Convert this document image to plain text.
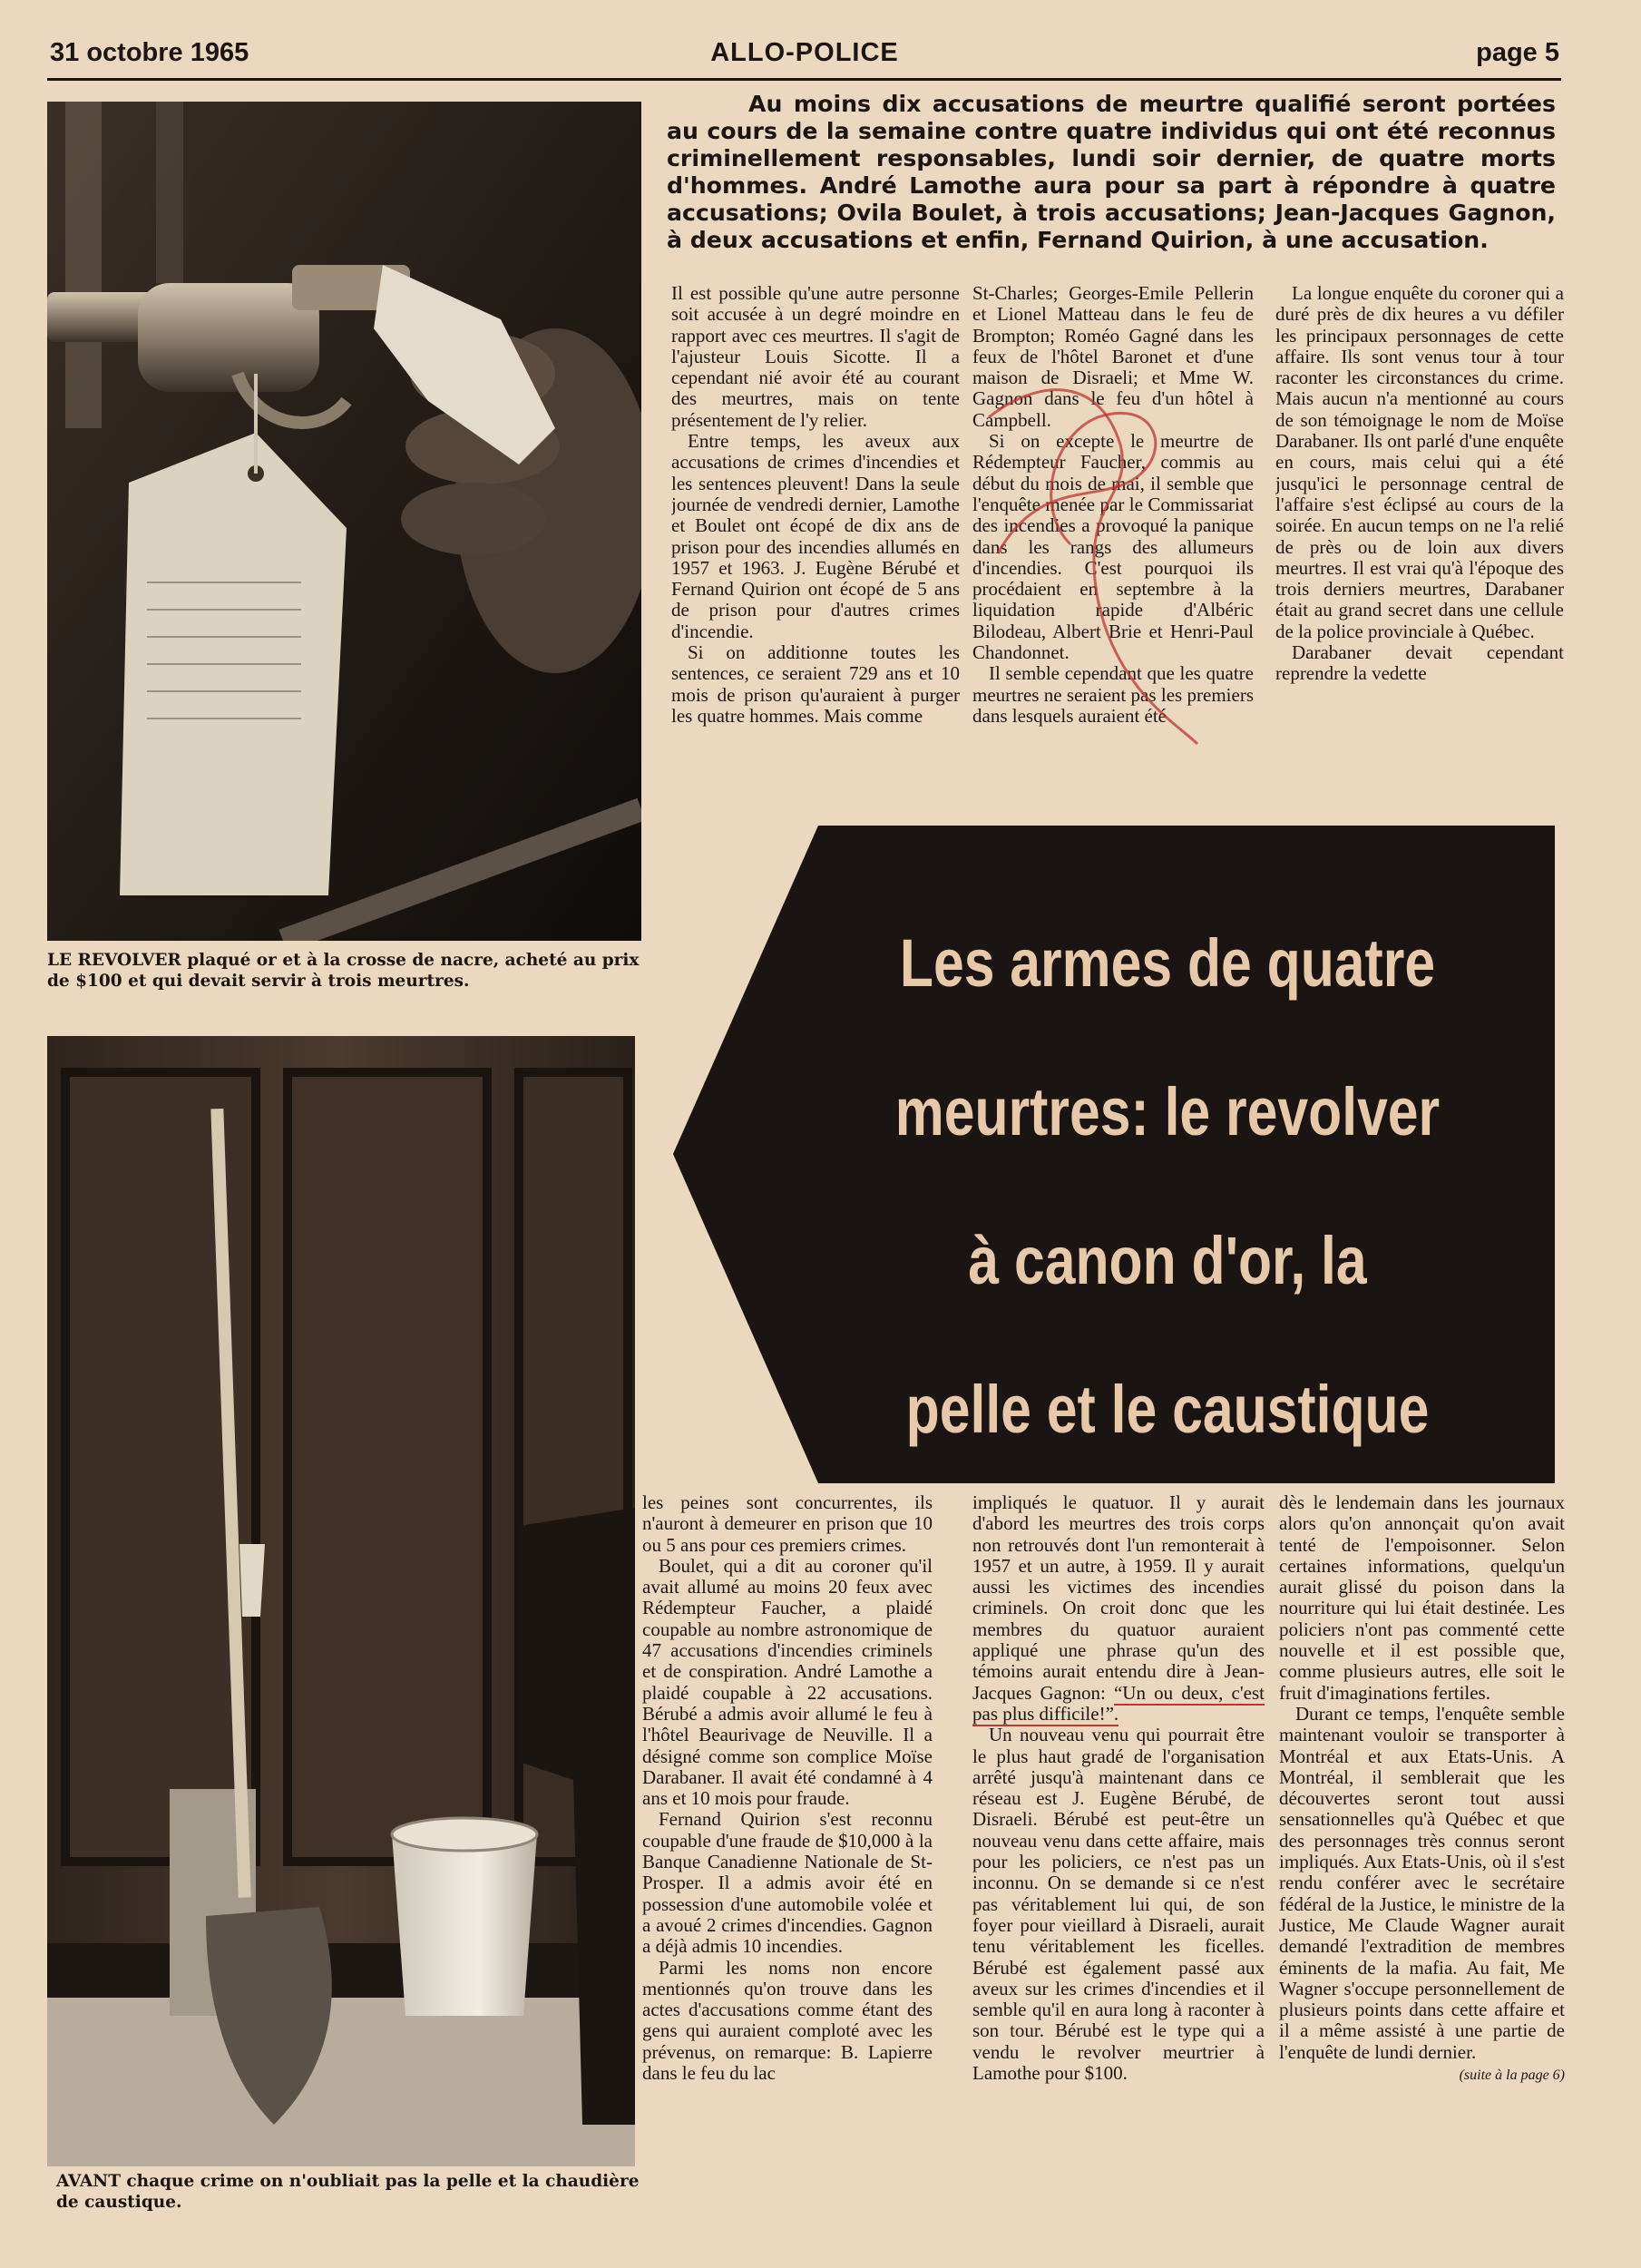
31 octobre 1965	ALLO-POLICE	page 5

LE REVOLVER plaqué or et à la crosse de nacre, acheté au prix de $100 et qui devait servir à trois meurtres.

AVANT chaque crime on n'oubliait pas la pelle et la chaudière de caustique.

Au moins dix accusations de meurtre qualifié seront portées au cours de la semaine contre quatre individus qui ont été reconnus criminellement responsables, lundi soir dernier, de quatre morts d'hommes. André Lamothe aura pour sa part à répondre à quatre accusations; Ovila Boulet, à trois accusations; Jean-Jacques Gagnon, à deux accusations et enfin, Fernand Quirion, à une accusation.

Il est possible qu'une autre personne soit accusée à un degré moindre en rapport avec ces meurtres. Il s'agit de l'ajusteur Louis Sicotte. Il a cependant nié avoir été au courant des meurtres, mais on tente présentement de l'y relier.

Entre temps, les aveux aux accusations de crimes d'incendies et les sentences pleuvent! Dans la seule journée de vendredi dernier, Lamothe et Boulet ont écopé de dix ans de prison pour des incendies allumés en 1957 et 1963. J. Eugène Bérubé et Fernand Quirion ont écopé de 5 ans de prison pour d'autres crimes d'incendie.

Si on additionne toutes les sentences, ce seraient 729 ans et 10 mois de prison qu'auraient à purger les quatre hommes. Mais comme

St-Charles; Georges-Emile Pellerin et Lionel Matteau dans le feu de Brompton; Roméo Gagné dans les feux de l'hôtel Baronet et d'une maison de Disraeli; et Mme W. Gagnon dans le feu d'un hôtel à Campbell.

Si on excepte le meurtre de Rédempteur Faucher, commis au début du mois de mai, il semble que l'enquête menée par le Commissariat des incendies a provoqué la panique dans les rangs des allumeurs d'incendies. C'est pourquoi ils procédaient en septembre à la liquidation rapide d'Albéric Bilodeau, Albert Brie et Henri-Paul Chandonnet.

Il semble cependant que les quatre meurtres ne seraient pas les premiers dans lesquels auraient été

La longue enquête du coroner qui a duré près de dix heures a vu défiler les principaux personnages de cette affaire. Ils sont venus tour à tour raconter les circonstances du crime. Mais aucun n'a mentionné au cours de son témoignage le nom de Moïse Darabaner. Ils ont parlé d'une enquête en cours, mais celui qui a été jusqu'ici le personnage central de l'affaire s'est éclipsé au cours de la soirée. En aucun temps on ne l'a relié de près ou de loin aux divers meurtres. Il est vrai qu'à l'époque des trois derniers meurtres, Darabaner était au grand secret dans une cellule de la police provinciale à Québec.

Darabaner devait cependant reprendre la vedette

Les armes de quatre
meurtres: le revolver
à canon d'or, la
pelle et le caustique

les peines sont concurrentes, ils n'auront à demeurer en prison que 10 ou 5 ans pour ces premiers crimes.

Boulet, qui a dit au coroner qu'il avait allumé au moins 20 feux avec Rédempteur Faucher, a plaidé coupable au nombre astronomique de 47 accusations d'incendies criminels et de conspiration. André Lamothe a plaidé coupable à 22 accusations. Bérubé a admis avoir allumé le feu à l'hôtel Beaurivage de Neuville. Il a désigné comme son complice Moïse Darabaner. Il avait été condamné à 4 ans et 10 mois pour fraude.

Fernand Quirion s'est reconnu coupable d'une fraude de $10,000 à la Banque Canadienne Nationale de St-Prosper. Il a admis avoir été en possession d'une automobile volée et a avoué 2 crimes d'incendies. Gagnon a déjà admis 10 incendies.

Parmi les noms non encore mentionnés qu'on trouve dans les actes d'accusations comme étant des gens qui auraient comploté avec les prévenus, on remarque: B. Lapierre dans le feu du lac

impliqués le quatuor. Il y aurait d'abord les meurtres des trois corps non retrouvés dont l'un remonterait à 1957 et un autre, à 1959. Il y aurait aussi les victimes des incendies criminels. On croit donc que les membres du quatuor auraient appliqué une phrase qu'un des témoins aurait entendu dire à Jean-Jacques Gagnon: “Un ou deux, c'est pas plus difficile!”.

Un nouveau venu qui pourrait être le plus haut gradé de l'organisation arrêté jusqu'à maintenant dans ce réseau est J. Eugène Bérubé, de Disraeli. Bérubé est peut-être un nouveau venu dans cette affaire, mais pour les policiers, ce n'est pas un inconnu. On se demande si ce n'est pas véritablement lui qui, de son foyer pour vieillard à Disraeli, aurait tenu véritablement les ficelles. Bérubé est également passé aux aveux sur les crimes d'incendies et il semble qu'il en aura long à raconter à son tour. Bérubé est le type qui a vendu le revolver meurtrier à Lamothe pour $100.

dès le lendemain dans les journaux alors qu'on annonçait qu'on avait tenté de l'empoisonner. Selon certaines informations, quelqu'un aurait glissé du poison dans la nourriture qui lui était destinée. Les policiers n'ont pas commenté cette nouvelle et il est possible que, comme plusieurs autres, elle soit le fruit d'imaginations fertiles.

Durant ce temps, l'enquête semble maintenant vouloir se transporter à Montréal et aux Etats-Unis. A Montréal, il semblerait que les découvertes seront tout aussi sensationnelles qu'à Québec et que des personnages très connus seront impliqués. Aux Etats-Unis, où il s'est rendu conférer avec le secrétaire fédéral de la Justice, le ministre de la Justice, Me Claude Wagner aurait demandé l'extradition de membres éminents de la mafia. Au fait, Me Wagner s'occupe personnellement de plusieurs points dans cette affaire et il a même assisté à une partie de l'enquête de lundi dernier.

(suite à la page 6)
